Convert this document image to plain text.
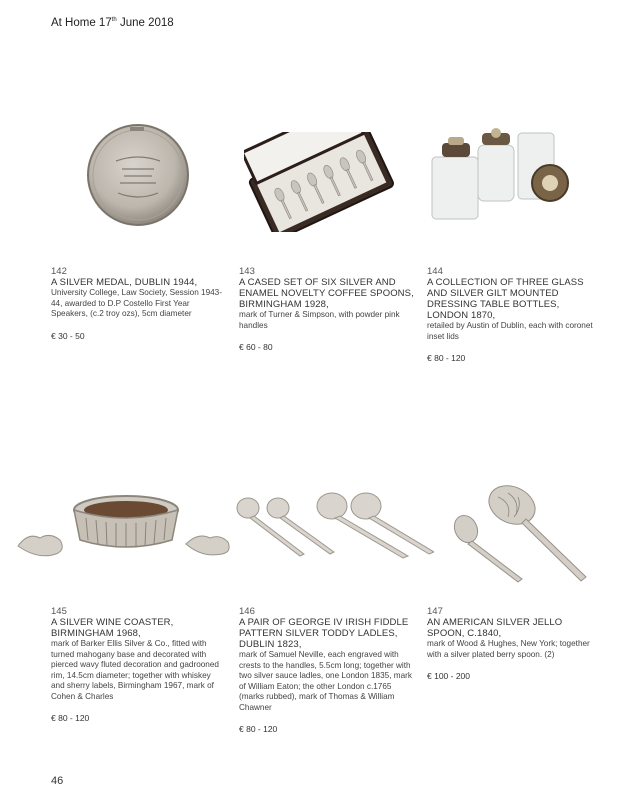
At Home 17th June 2018
142
A SILVER MEDAL, DUBLIN 1944,
University College, Law Society, Session 1943-44, awarded to D.P Costello First Year Speakers, (c.2 troy ozs), 5cm diameter
€ 30 - 50
143
A CASED SET OF SIX SILVER AND ENAMEL NOVELTY COFFEE SPOONS, BIRMINGHAM 1928,
mark of Turner & Simpson, with powder pink handles
€ 60 - 80
144
A COLLECTION OF THREE GLASS AND SILVER GILT MOUNTED DRESSING TABLE BOTTLES, LONDON 1870,
retailed by Austin of Dublin, each with coronet inset lids
€ 80 - 120
145
A SILVER WINE COASTER, BIRMINGHAM 1968,
mark of Barker Ellis Silver & Co., fitted with turned mahogany base and decorated with pierced wavy fluted decoration and gadrooned rim, 14.5cm diameter; together with whiskey and sherry labels, Birmingham 1967, mark of Cohen & Charles
€ 80 - 120
146
A PAIR OF GEORGE IV IRISH FIDDLE PATTERN SILVER TODDY LADLES, DUBLIN 1823,
mark of Samuel Neville, each engraved with crests to the handles, 5.5cm long; together with two silver sauce ladles, one London 1835, mark of William Eaton; the other London c.1765 (marks rubbed), mark of Thomas & William Chawner
€ 80 - 120
147
AN AMERICAN SILVER JELLO SPOON, C.1840,
mark of Wood & Hughes, New York; together with a silver plated berry spoon. (2)
€ 100 - 200
46
